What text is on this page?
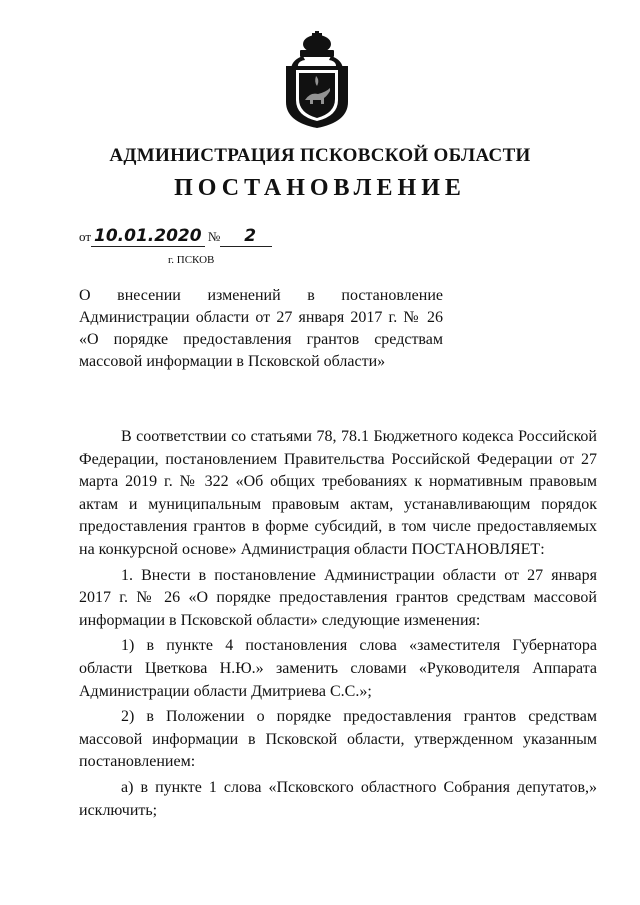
АДМИНИСТРАЦИЯ ПСКОВСКОЙ ОБЛАСТИ
ПОСТАНОВЛЕНИЕ
от 10.01.2020 № 2
г. ПСКОВ

О внесении изменений в постановление

Администрации области от 27 января 2017 г. № 26

«О порядке предоставления грантов средствам

массовой информации в Псковской области»

В соответствии со статьями 78, 78.1 Бюджетного кодекса Российской Федерации, постановлением Правительства Российской Федерации от 27 марта 2019 г. № 322 «Об общих требованиях к нормативным правовым актам и муниципальным правовым актам, устанавливающим порядок предоставления грантов в форме субсидий, в том числе предоставляемых на конкурсной основе» Администрация области ПОСТАНОВЛЯЕТ:

1. Внести в постановление Администрации области от 27 января 2017 г. № 26 «О порядке предоставления грантов средствам массовой информации в Псковской области» следующие изменения:

1) в пункте 4 постановления слова «заместителя Губернатора области Цветкова Н.Ю.» заменить словами «Руководителя Аппарата Администрации области Дмитриева С.С.»;

2) в Положении о порядке предоставления грантов средствам массовой информации в Псковской области, утвержденном указанным постановлением:

а) в пункте 1 слова «Псковского областного Собрания депутатов,» исключить;
